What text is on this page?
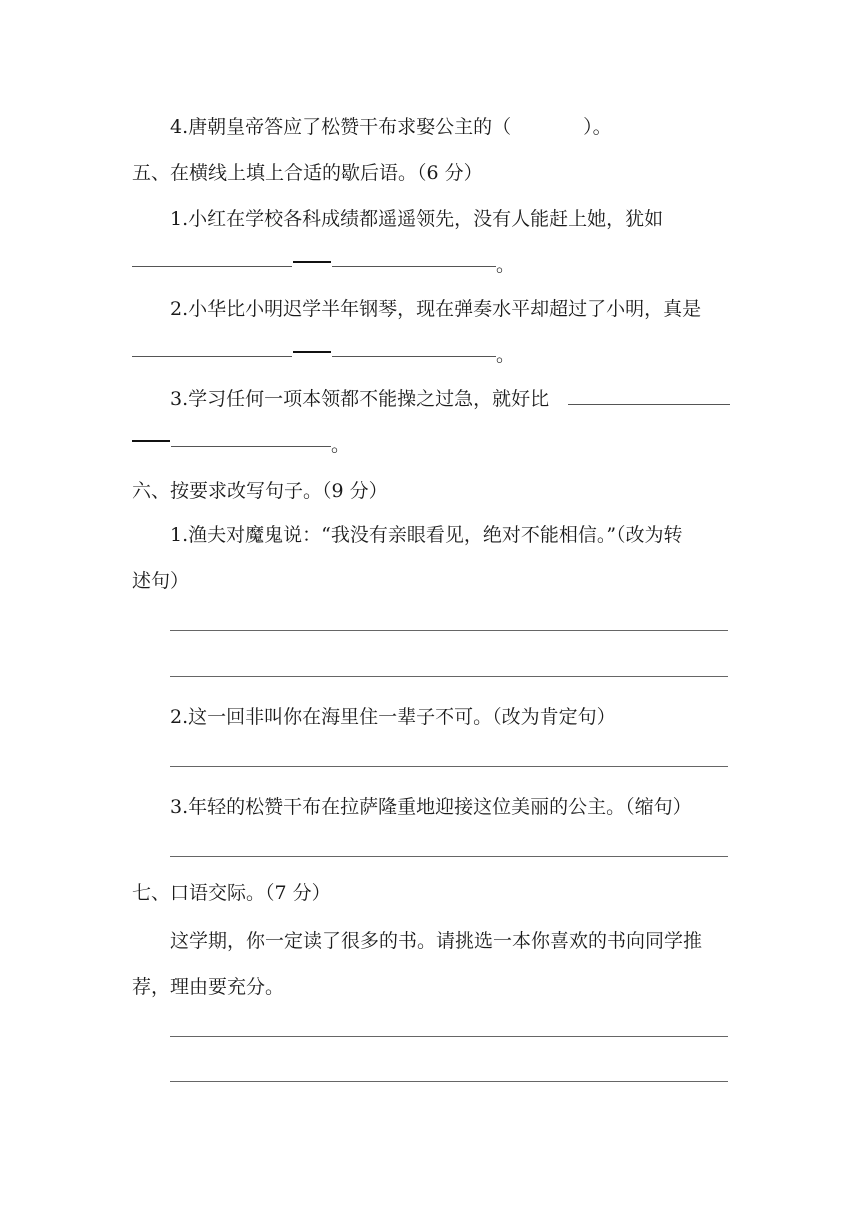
4.唐朝皇帝答应了松赞干布求娶公主的（	）。
五、在横线上填上合适的歇后语。（6 分）
1.小红在学校各科成绩都遥遥领先，没有人能赶上她，犹如
。
2.小华比小明迟学半年钢琴，现在弹奏水平却超过了小明，真是
。
3.学习任何一项本领都不能操之过急，就好比
。
六、按要求改写句子。（9 分）
1.渔夫对魔鬼说：“我没有亲眼看见，绝对不能相信。”（改为转
述句）
2.这一回非叫你在海里住一辈子不可。（改为肯定句）
3.年轻的松赞干布在拉萨隆重地迎接这位美丽的公主。（缩句）
七、口语交际。（7 分）
这学期，你一定读了很多的书。请挑选一本你喜欢的书向同学推
荐，理由要充分。
